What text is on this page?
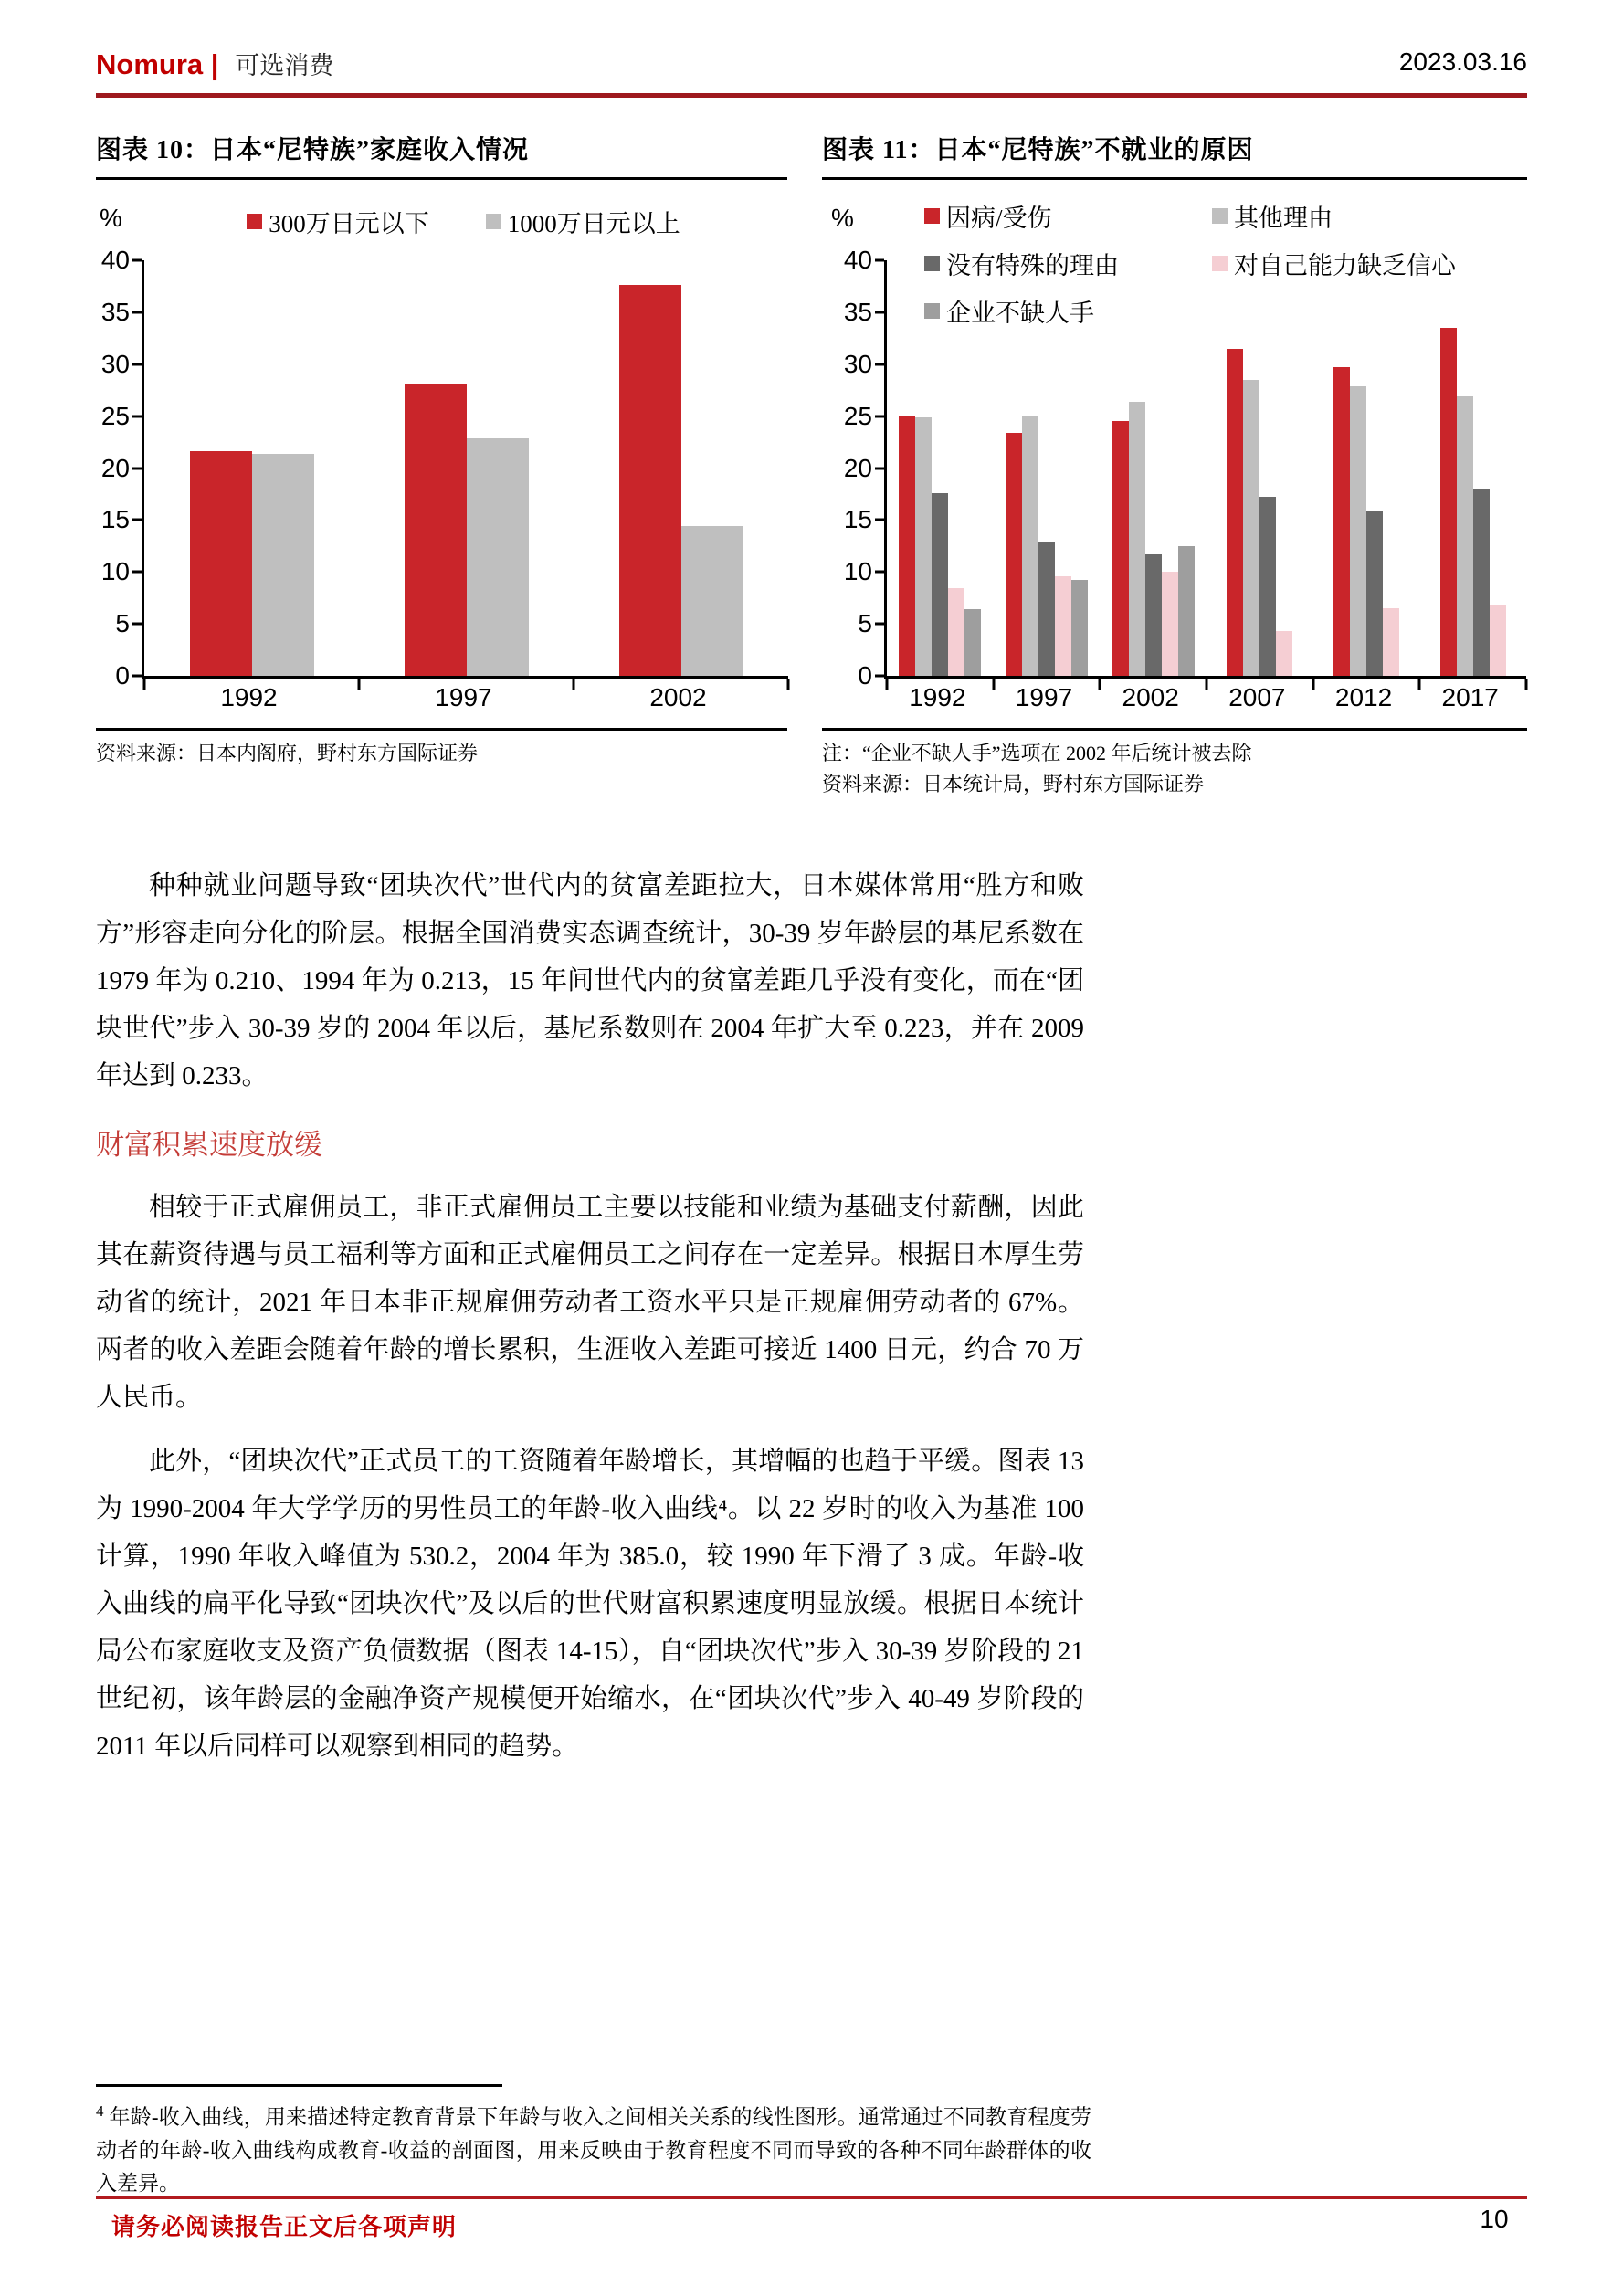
Nomura | 可选消费	2023.03.16
图表 10：日本“尼特族”家庭收入情况
%	300万日元以下	1000万日元以上
0
5
10
15
20
25
30
35
40
1992	1997	2002
资料来源：日本内阁府，野村东方国际证券
图表 11：日本“尼特族”不就业的原因
%	因病/受伤	其他理由
没有特殊的理由	对自己能力缺乏信心
企业不缺人手
0
5
10
15
20
25
30
35
40
1992	1997	2002	2007	2012	2017
注：“企业不缺人手”选项在 2002 年后统计被去除
资料来源：日本统计局，野村东方国际证券

种种就业问题导致“团块次代”世代内的贫富差距拉大，日本媒体常用“胜方和败方”形容走向分化的阶层。根据全国消费实态调查统计，30-39 岁年龄层的基尼系数在 1979 年为 0.210、1994 年为 0.213，15 年间世代内的贫富差距几乎没有变化，而在“团块世代”步入 30-39 岁的 2004 年以后，基尼系数则在 2004 年扩大至 0.223，并在 2009 年达到 0.233。

财富积累速度放缓

相较于正式雇佣员工，非正式雇佣员工主要以技能和业绩为基础支付薪酬，因此其在薪资待遇与员工福利等方面和正式雇佣员工之间存在一定差异。根据日本厚生劳动省的统计，2021 年日本非正规雇佣劳动者工资水平只是正规雇佣劳动者的 67%。两者的收入差距会随着年龄的增长累积，生涯收入差距可接近 1400 日元，约合 70 万人民币。

此外，“团块次代”正式员工的工资随着年龄增长，其增幅的也趋于平缓。图表 13 为 1990-2004 年大学学历的男性员工的年龄-收入曲线⁴。以 22 岁时的收入为基准 100 计算，1990 年收入峰值为 530.2，2004 年为 385.0，较 1990 年下滑了 3 成。年龄-收入曲线的扁平化导致“团块次代”及以后的世代财富积累速度明显放缓。根据日本统计局公布家庭收支及资产负债数据（图表 14-15），自“团块次代”步入 30-39 岁阶段的 21 世纪初，该年龄层的金融净资产规模便开始缩水，在“团块次代”步入 40-49 岁阶段的 2011 年以后同样可以观察到相同的趋势。

$^4$ 年龄-收入曲线，用来描述特定教育背景下年龄与收入之间相关关系的线性图形。通常通过不同教育程度劳动者的年龄-收入曲线构成教育-收益的剖面图，用来反映由于教育程度不同而导致的各种不同年龄群体的收入差异。
请务必阅读报告正文后各项声明	10
